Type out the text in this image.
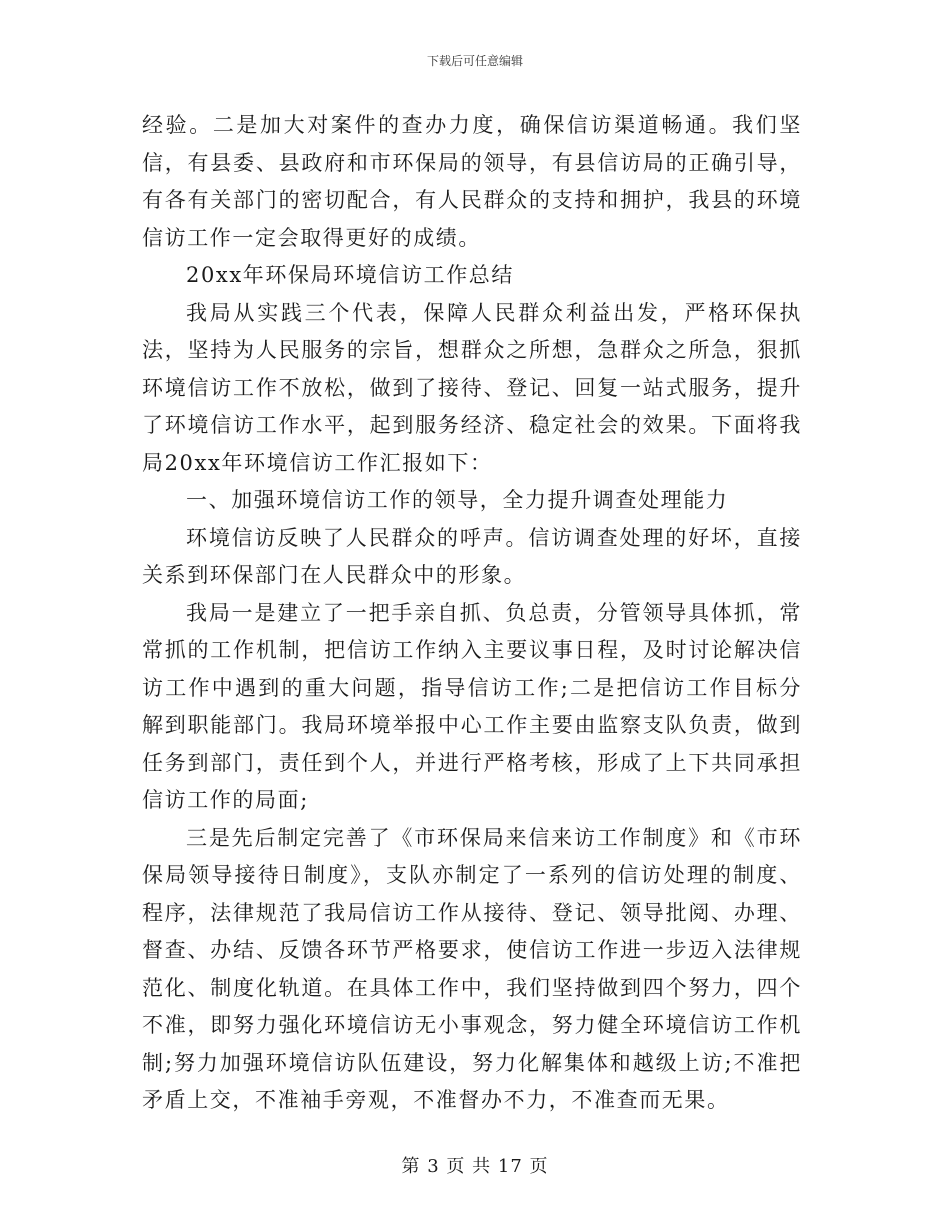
下载后可任意编辑

经验。二是加大对案件的查办力度，确保信访渠道畅通。我们坚信，有县委、县政府和市环保局的领导，有县信访局的正确引导，有各有关部门的密切配合，有人民群众的支持和拥护，我县的环境信访工作一定会取得更好的成绩。

20xx年环保局环境信访工作总结

我局从实践三个代表，保障人民群众利益出发，严格环保执法，坚持为人民服务的宗旨，想群众之所想，急群众之所急，狠抓环境信访工作不放松，做到了接待、登记、回复一站式服务，提升了环境信访工作水平，起到服务经济、稳定社会的效果。下面将我局20xx年环境信访工作汇报如下：

一、加强环境信访工作的领导，全力提升调查处理能力

环境信访反映了人民群众的呼声。信访调查处理的好坏，直接关系到环保部门在人民群众中的形象。

我局一是建立了一把手亲自抓、负总责，分管领导具体抓，常常抓的工作机制，把信访工作纳入主要议事日程，及时讨论解决信访工作中遇到的重大问题，指导信访工作;二是把信访工作目标分解到职能部门。我局环境举报中心工作主要由监察支队负责，做到任务到部门，责任到个人，并进行严格考核，形成了上下共同承担信访工作的局面;

三是先后制定完善了《市环保局来信来访工作制度》和《市环保局领导接待日制度》，支队亦制定了一系列的信访处理的制度、程序，法律规范了我局信访工作从接待、登记、领导批阅、办理、督查、办结、反馈各环节严格要求，使信访工作进一步迈入法律规范化、制度化轨道。在具体工作中，我们坚持做到四个努力，四个不准，即努力强化环境信访无小事观念，努力健全环境信访工作机制;努力加强环境信访队伍建设，努力化解集体和越级上访;不准把矛盾上交，不准袖手旁观，不准督办不力，不准查而无果。

第 3 页 共 17 页
